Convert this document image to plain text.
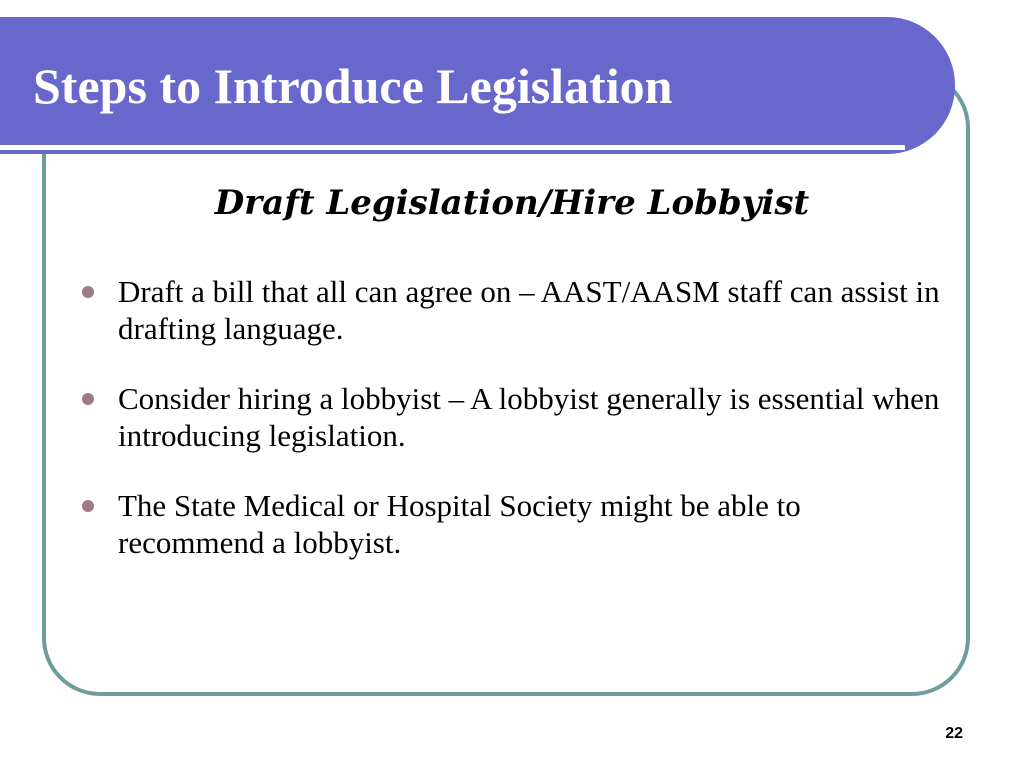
Steps to Introduce Legislation
Draft Legislation/Hire Lobbyist
Draft a bill that all can agree on – AAST/AASM staff can assist in drafting language.
Consider hiring a lobbyist – A lobbyist generally is essential when introducing legislation.
The State Medical or Hospital Society might be able to recommend a lobbyist.

22
